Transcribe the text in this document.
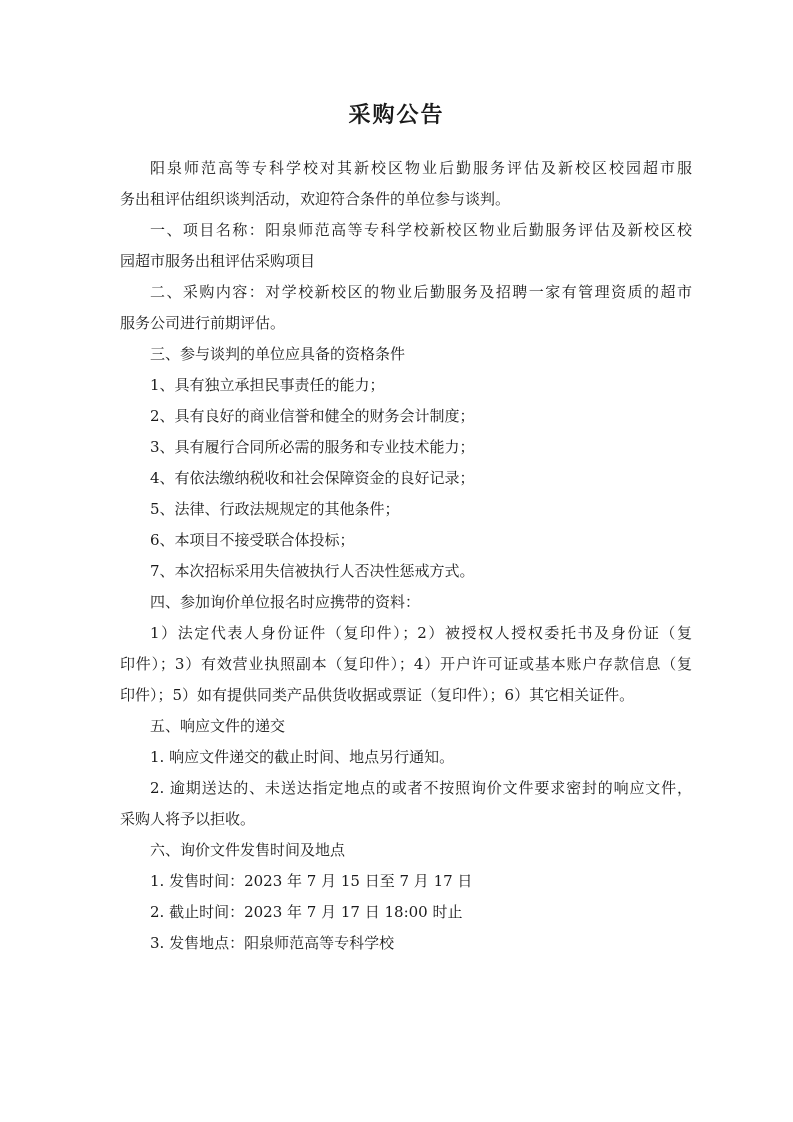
采购公告
阳泉师范高等专科学校对其新校区物业后勤服务评估及新校区校园超市服
务出租评估组织谈判活动，欢迎符合条件的单位参与谈判。
一、项目名称：阳泉师范高等专科学校新校区物业后勤服务评估及新校区校
园超市服务出租评估采购项目
二、采购内容：对学校新校区的物业后勤服务及招聘一家有管理资质的超市
服务公司进行前期评估。
三、参与谈判的单位应具备的资格条件
1、具有独立承担民事责任的能力；
2、具有良好的商业信誉和健全的财务会计制度；
3、具有履行合同所必需的服务和专业技术能力；
4、有依法缴纳税收和社会保障资金的良好记录；
5、法律、行政法规规定的其他条件；
6、本项目不接受联合体投标；
7、本次招标采用失信被执行人否决性惩戒方式。
四、参加询价单位报名时应携带的资料：
1）法定代表人身份证件（复印件）；2）被授权人授权委托书及身份证（复
印件）；3）有效营业执照副本（复印件）；4）开户许可证或基本账户存款信息（复
印件）；5）如有提供同类产品供货收据或票证（复印件）；6）其它相关证件。
五、响应文件的递交
1. 响应文件递交的截止时间、地点另行通知。
2. 逾期送达的、未送达指定地点的或者不按照询价文件要求密封的响应文件，
采购人将予以拒收。
六、询价文件发售时间及地点
1. 发售时间：2023 年 7 月 15 日至 7 月 17 日
2. 截止时间：2023 年 7 月 17 日 18:00 时止
3. 发售地点：阳泉师范高等专科学校
